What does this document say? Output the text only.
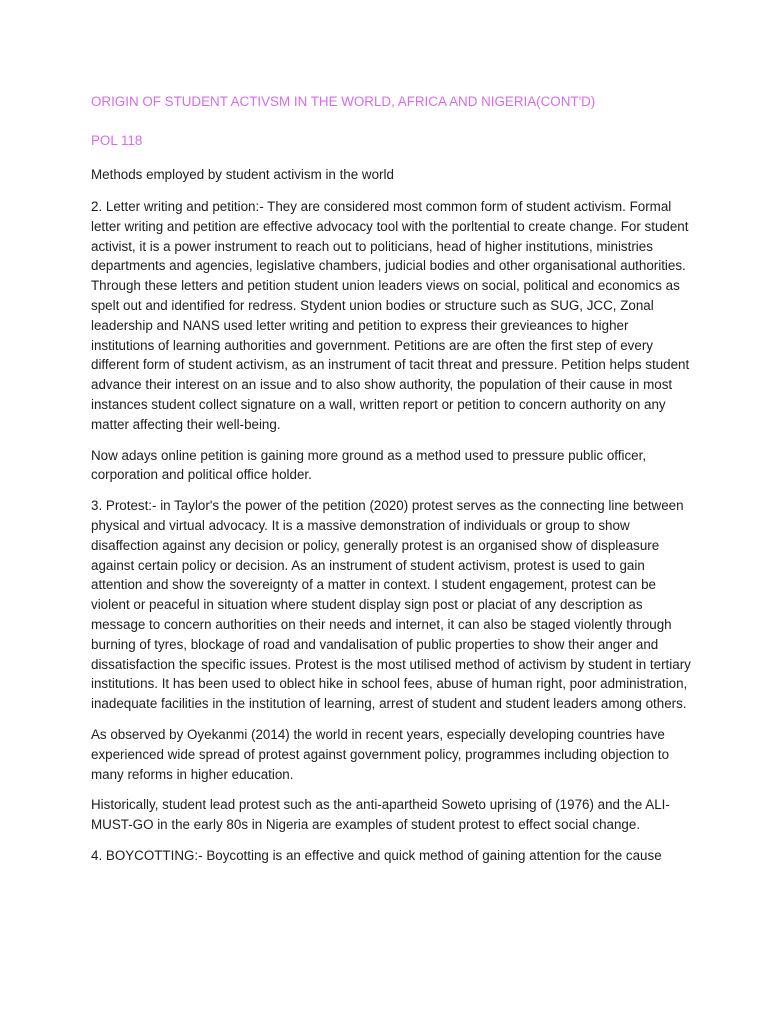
ORIGIN OF STUDENT ACTIVSM IN THE WORLD, AFRICA AND NIGERIA(CONT'D)
POL 118
Methods employed by student activism in the world

2. Letter writing and petition:- They are considered most common form of student activism. Formal letter writing and petition are effective advocacy tool with the porltential to create change. For student activist, it is a power instrument to reach out to politicians, head of higher institutions, ministries departments and agencies, legislative chambers, judicial bodies and other organisational authorities. Through these letters and petition student union leaders views on social, political and economics as spelt out and identified for redress. Stydent union bodies or structure such as SUG, JCC, Zonal leadership and NANS used letter writing and petition to express their grevieances to higher institutions of learning authorities and government. Petitions are are often the first step of every different form of student activism, as an instrument of tacit threat and pressure. Petition helps student advance their interest on an issue and to also show authority, the population of their cause in most instances student collect signature on a wall, written report or petition to concern authority on any matter affecting their well-being.

Now adays online petition is gaining more ground as a method used to pressure public officer, corporation and political office holder.

3. Protest:- in Taylor's the power of the petition (2020) protest serves as the connecting line between physical and virtual advocacy. It is a massive demonstration of individuals or group to show disaffection against any decision or policy, generally protest is an organised show of displeasure against certain policy or decision. As an instrument of student activism, protest is used to gain attention and show the sovereignty of a matter in context. I student engagement, protest can be violent or peaceful in situation where student display sign post or placiat of any description as message to concern authorities on their needs and internet, it can also be staged violently through burning of tyres, blockage of road and vandalisation of public properties to show their anger and dissatisfaction the specific issues. Protest is the most utilised method of activism by student in tertiary institutions. It has been used to oblect hike in school fees, abuse of human right, poor administration, inadequate facilities in the institution of learning, arrest of student and student leaders among others.

As observed by Oyekanmi (2014) the world in recent years, especially developing countries have experienced wide spread of protest against government policy, programmes including objection to many reforms in higher education.

Historically, student lead protest such as the anti-apartheid Soweto uprising of (1976) and the ALI-MUST-GO in the early 80s in Nigeria are examples of student protest to effect social change.

4. BOYCOTTING:- Boycotting is an effective and quick method of gaining attention for the cause
